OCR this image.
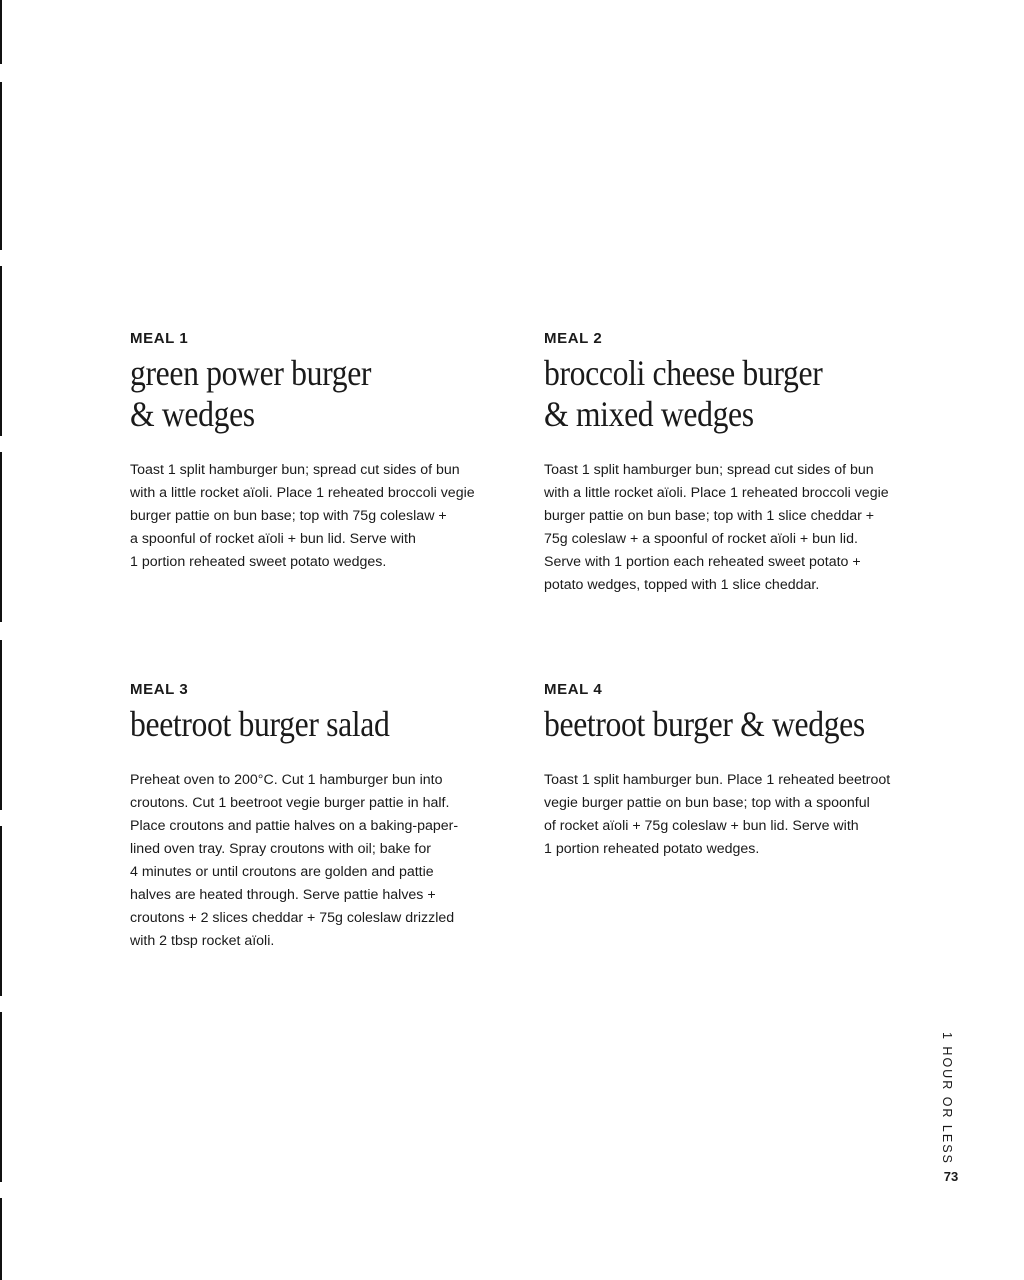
MEAL 1
green power burger
& wedges

Toast 1 split hamburger bun; spread cut sides of bun
with a little rocket aïoli. Place 1 reheated broccoli vegie
burger pattie on bun base; top with 75g coleslaw +
a spoonful of rocket aïoli + bun lid. Serve with
1 portion reheated sweet potato wedges.

MEAL 2
broccoli cheese burger
& mixed wedges

Toast 1 split hamburger bun; spread cut sides of bun
with a little rocket aïoli. Place 1 reheated broccoli vegie
burger pattie on bun base; top with 1 slice cheddar +
75g coleslaw + a spoonful of rocket aïoli + bun lid.
Serve with 1 portion each reheated sweet potato +
potato wedges, topped with 1 slice cheddar.

MEAL 3
beetroot burger salad

Preheat oven to 200°C. Cut 1 hamburger bun into
croutons. Cut 1 beetroot vegie burger pattie in half.
Place croutons and pattie halves on a baking-paper-
lined oven tray. Spray croutons with oil; bake for
4 minutes or until croutons are golden and pattie
halves are heated through. Serve pattie halves +
croutons + 2 slices cheddar + 75g coleslaw drizzled
with 2 tbsp rocket aïoli.

MEAL 4
beetroot burger & wedges

Toast 1 split hamburger bun. Place 1 reheated beetroot
vegie burger pattie on bun base; top with a spoonful
of rocket aïoli + 75g coleslaw + bun lid. Serve with
1 portion reheated potato wedges.

1 HOUR OR LESS
73
